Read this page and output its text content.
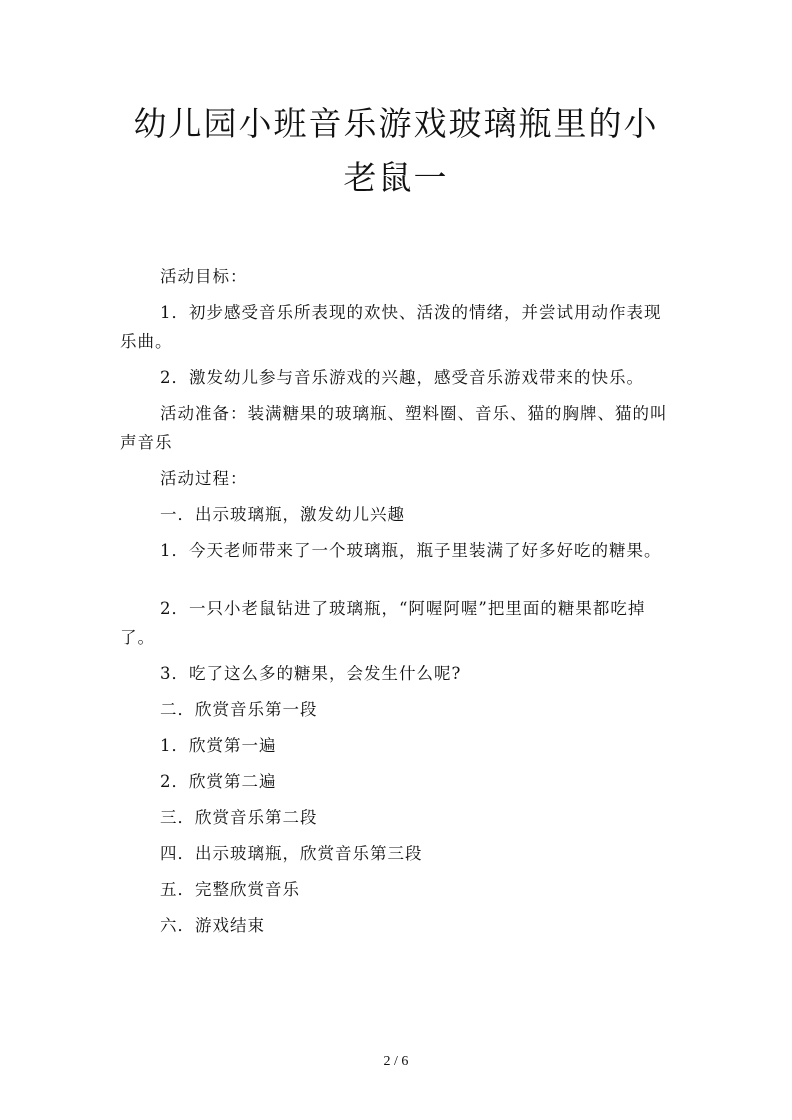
幼儿园小班音乐游戏玻璃瓶里的小
老鼠一

活动目标：

1．初步感受音乐所表现的欢快、活泼的情绪，并尝试用动作表现乐曲。

2．激发幼儿参与音乐游戏的兴趣，感受音乐游戏带来的快乐。

活动准备：装满糖果的玻璃瓶、塑料圈、音乐、猫的胸牌、猫的叫声音乐

活动过程：

一．出示玻璃瓶，激发幼儿兴趣

1．今天老师带来了一个玻璃瓶，瓶子里装满了好多好吃的糖果。

2．一只小老鼠钻进了玻璃瓶，“阿喔阿喔”把里面的糖果都吃掉了。

3．吃了这么多的糖果，会发生什么呢?

二．欣赏音乐第一段

1．欣赏第一遍

2．欣赏第二遍

三．欣赏音乐第二段

四．出示玻璃瓶，欣赏音乐第三段

五．完整欣赏音乐

六．游戏结束

2 / 6
